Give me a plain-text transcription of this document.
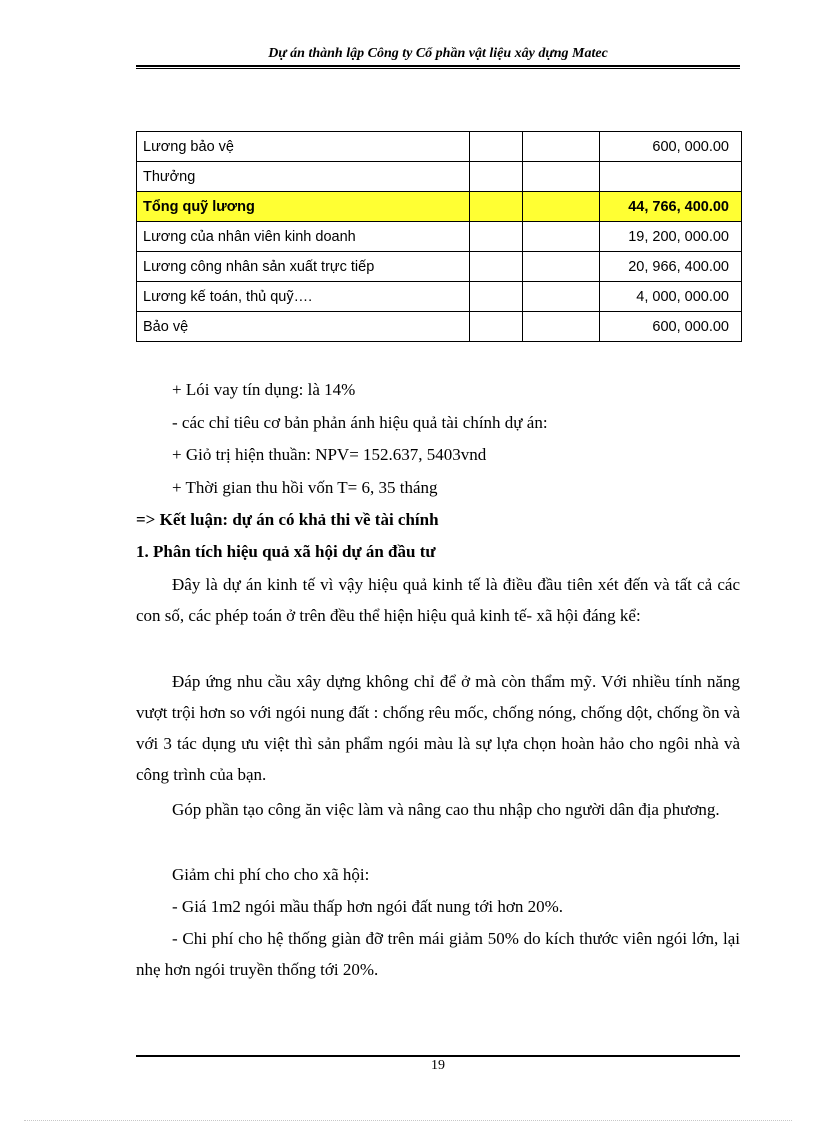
Dự án thành lập Công ty Cổ phần vật liệu xây dựng Matec
Lương bảo vệ			600, 000.00
Thưởng			
Tổng quỹ lương			44, 766, 400.00
Lương của nhân viên kinh doanh			19, 200, 000.00
Lương công nhân sản xuất trực tiếp			20, 966, 400.00
Lương kế toán, thủ quỹ….			4, 000, 000.00
Bảo vệ			600, 000.00
+ Lói vay tín dụng: là 14%
- các chỉ tiêu cơ bản phản ánh hiệu quả tài chính dự án:
+ Giỏ trị hiện thuần: NPV= 152.637, 5403vnd
+ Thời gian thu hồi vốn T= 6, 35 tháng
=> Kết luận: dự án có khả thi về tài chính
1. Phân tích hiệu quả xã hội dự án đầu tư
Đây là dự án kinh tế vì vậy hiệu quả kinh tế là điều đầu tiên xét đến và tất cả các con số, các phép toán ở trên đều thể hiện hiệu quả kinh tế- xã hội đáng kể:
Đáp ứng nhu cầu xây dựng không chỉ để ở mà còn thẩm mỹ. Với nhiều tính năng vượt trội hơn so với ngói nung đất : chống rêu mốc, chống nóng, chống dột, chống ồn và với 3 tác dụng ưu việt thì sản phẩm ngói màu là sự lựa chọn hoàn hảo cho ngôi nhà và công trình của bạn.
Góp phần tạo công ăn việc làm và nâng cao thu nhập cho người dân địa phương.
Giảm chi phí cho cho xã hội:
- Giá 1m2 ngói mầu thấp hơn ngói đất nung tới hơn 20%.
- Chi phí cho hệ thống giàn đỡ trên mái giảm 50% do kích thước viên ngói lớn, lại nhẹ hơn ngói truyền thống tới 20%.
19
